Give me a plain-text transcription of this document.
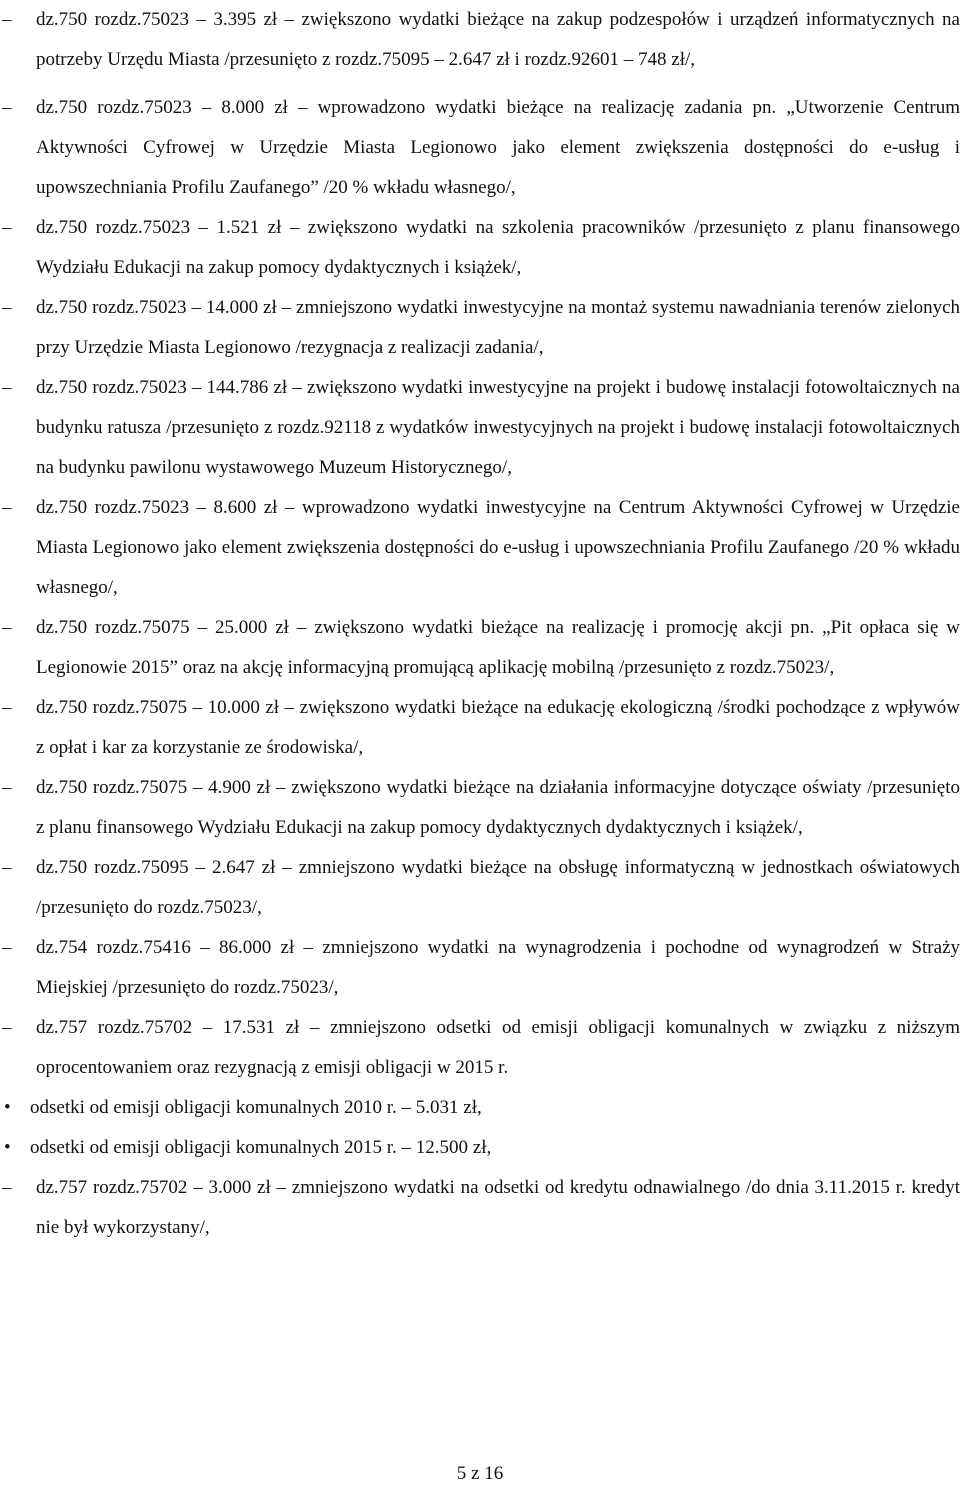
– dz.750 rozdz.75023 – 3.395 zł – zwiększono wydatki bieżące na zakup podzespołów i urządzeń informatycznych na potrzeby Urzędu Miasta /przesunięto z rozdz.75095 – 2.647 zł i rozdz.92601 – 748 zł/,
– dz.750 rozdz.75023 – 8.000 zł – wprowadzono wydatki bieżące na realizację zadania pn. „Utworzenie Centrum Aktywności Cyfrowej w Urzędzie Miasta Legionowo jako element zwiększenia dostępności do e-usług i upowszechniania Profilu Zaufanego” /20 % wkładu własnego/,
– dz.750 rozdz.75023 – 1.521 zł – zwiększono wydatki na szkolenia pracowników /przesunięto z planu finansowego Wydziału Edukacji na zakup pomocy dydaktycznych i książek/,
– dz.750 rozdz.75023 – 14.000 zł – zmniejszono wydatki inwestycyjne na montaż systemu nawadniania terenów zielonych przy Urzędzie Miasta Legionowo /rezygnacja z realizacji zadania/,
– dz.750 rozdz.75023 – 144.786 zł – zwiększono wydatki inwestycyjne na projekt i budowę instalacji fotowoltaicznych na budynku ratusza /przesunięto z rozdz.92118 z wydatków inwestycyjnych na projekt i budowę instalacji fotowoltaicznych na budynku pawilonu wystawowego Muzeum Historycznego/,
– dz.750 rozdz.75023 – 8.600 zł – wprowadzono wydatki inwestycyjne na Centrum Aktywności Cyfrowej w Urzędzie Miasta Legionowo jako element zwiększenia dostępności do e-usług i upowszechniania Profilu Zaufanego /20 % wkładu własnego/,
– dz.750 rozdz.75075 – 25.000 zł – zwiększono wydatki bieżące na realizację i promocję akcji pn. „Pit opłaca się w Legionowie 2015” oraz na akcję informacyjną promującą aplikację mobilną /przesunięto z rozdz.75023/,
– dz.750 rozdz.75075 – 10.000 zł – zwiększono wydatki bieżące na edukację ekologiczną /środki pochodzące z wpływów z opłat i kar za korzystanie ze środowiska/,
– dz.750 rozdz.75075 – 4.900 zł – zwiększono wydatki bieżące na działania informacyjne dotyczące oświaty /przesunięto z planu finansowego Wydziału Edukacji na zakup pomocy dydaktycznych dydaktycznych i książek/,
– dz.750 rozdz.75095 – 2.647 zł – zmniejszono wydatki bieżące na obsługę informatyczną w jednostkach oświatowych /przesunięto do rozdz.75023/,
– dz.754 rozdz.75416 – 86.000 zł – zmniejszono wydatki na wynagrodzenia i pochodne od wynagrodzeń w Straży Miejskiej /przesunięto do rozdz.75023/,
– dz.757 rozdz.75702 – 17.531 zł – zmniejszono odsetki od emisji obligacji komunalnych w związku z niższym oprocentowaniem oraz rezygnacją z emisji obligacji w 2015 r.
• odsetki od emisji obligacji komunalnych 2010 r. – 5.031 zł,
• odsetki od emisji obligacji komunalnych 2015 r. – 12.500 zł,
– dz.757 rozdz.75702 – 3.000 zł – zmniejszono wydatki na odsetki od kredytu odnawialnego /do dnia 3.11.2015 r. kredyt nie był wykorzystany/,
5 z 16
